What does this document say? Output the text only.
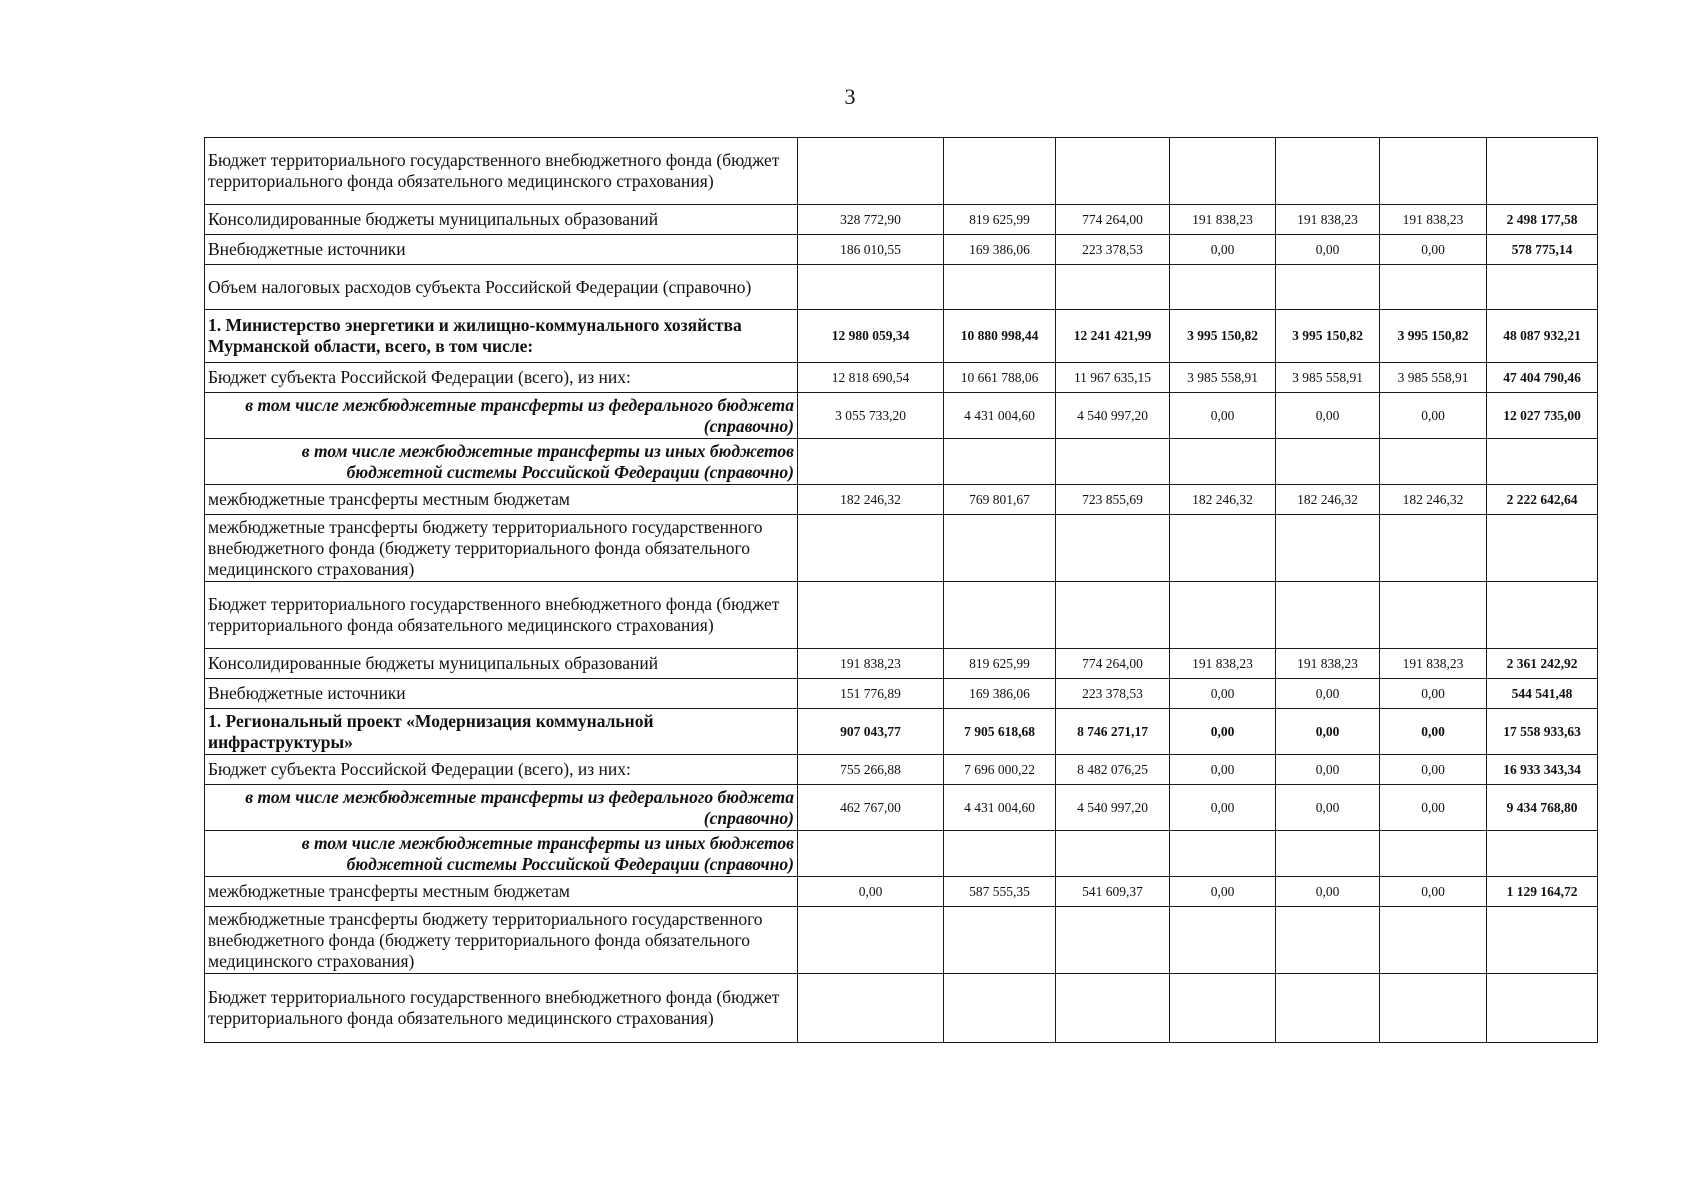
3
Бюджет территориального государственного внебюджетного фонда (бюджет территориального фонда обязательного медицинского страхования)							
Консолидированные бюджеты муниципальных образований	328 772,90	819 625,99	774 264,00	191 838,23	191 838,23	191 838,23	2 498 177,58
Внебюджетные источники	186 010,55	169 386,06	223 378,53	0,00	0,00	0,00	578 775,14
Объем налоговых расходов субъекта Российской Федерации (справочно)							
1. Министерство энергетики и жилищно-коммунального хозяйства Мурманской области, всего, в том числе:	12 980 059,34	10 880 998,44	12 241 421,99	3 995 150,82	3 995 150,82	3 995 150,82	48 087 932,21
Бюджет субъекта Российской Федерации (всего), из них:	12 818 690,54	10 661 788,06	11 967 635,15	3 985 558,91	3 985 558,91	3 985 558,91	47 404 790,46
в том числе межбюджетные трансферты из федерального бюджета (справочно)	3 055 733,20	4 431 004,60	4 540 997,20	0,00	0,00	0,00	12 027 735,00
в том числе межбюджетные трансферты из иных бюджетов бюджетной системы Российской Федерации (справочно)							
межбюджетные трансферты местным бюджетам	182 246,32	769 801,67	723 855,69	182 246,32	182 246,32	182 246,32	2 222 642,64
межбюджетные трансферты бюджету территориального государственного внебюджетного фонда (бюджету территориального фонда обязательного медицинского страхования)							
Бюджет территориального государственного внебюджетного фонда (бюджет территориального фонда обязательного медицинского страхования)							
Консолидированные бюджеты муниципальных образований	191 838,23	819 625,99	774 264,00	191 838,23	191 838,23	191 838,23	2 361 242,92
Внебюджетные источники	151 776,89	169 386,06	223 378,53	0,00	0,00	0,00	544 541,48
1. Региональный проект «Модернизация коммунальной инфраструктуры»	907 043,77	7 905 618,68	8 746 271,17	0,00	0,00	0,00	17 558 933,63
Бюджет субъекта Российской Федерации (всего), из них:	755 266,88	7 696 000,22	8 482 076,25	0,00	0,00	0,00	16 933 343,34
в том числе межбюджетные трансферты из федерального бюджета (справочно)	462 767,00	4 431 004,60	4 540 997,20	0,00	0,00	0,00	9 434 768,80
в том числе межбюджетные трансферты из иных бюджетов бюджетной системы Российской Федерации (справочно)							
межбюджетные трансферты местным бюджетам	0,00	587 555,35	541 609,37	0,00	0,00	0,00	1 129 164,72
межбюджетные трансферты бюджету территориального государственного внебюджетного фонда (бюджету территориального фонда обязательного медицинского страхования)							
Бюджет территориального государственного внебюджетного фонда (бюджет территориального фонда обязательного медицинского страхования)							
